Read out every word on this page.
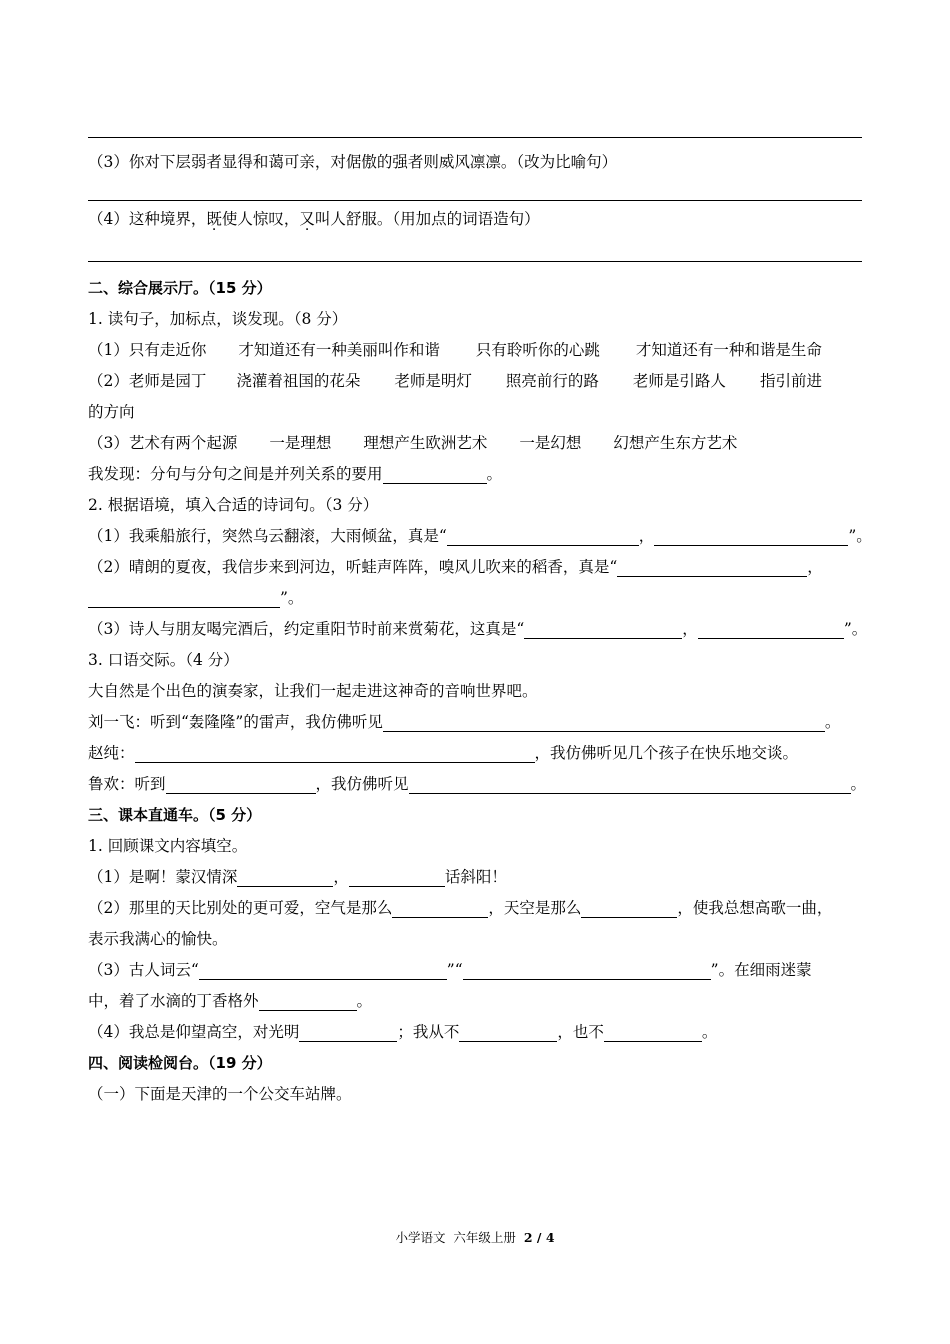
（3）你对下层弱者显得和蔼可亲，对倨傲的强者则威风凛凛。（改为比喻句）
（4）这种境界，既使人惊叹，又叫人舒服。（用加点的词语造句）
二、综合展示厅。（15 分）
1. 读句子，加标点，谈发现。（8 分）
（1）只有走近你 才知道还有一种美丽叫作和谐 只有聆听你的心跳 才知道还有一种和谐是生命
（2）老师是园丁 浇灌着祖国的花朵 老师是明灯 照亮前行的路 老师是引路人 指引前进
的方向
（3）艺术有两个起源 一是理想 理想产生欧洲艺术 一是幻想 幻想产生东方艺术
我发现：分句与分句之间是并列关系的要用	。
2. 根据语境，填入合适的诗词句。（3 分）
（1）我乘船旅行，突然乌云翻滚，大雨倾盆，真是“	，	”。
（2）晴朗的夏夜，我信步来到河边，听蛙声阵阵，嗅风儿吹来的稻香，真是“	，
”。
（3）诗人与朋友喝完酒后，约定重阳节时前来赏菊花，这真是“	，	”。
3. 口语交际。（4 分）
大自然是个出色的演奏家，让我们一起走进这神奇的音响世界吧。
刘一飞：听到“轰隆隆”的雷声，我仿佛听见	。
赵纯：	，我仿佛听见几个孩子在快乐地交谈。
鲁欢：听到	，我仿佛听见	。
三、课本直通车。（5 分）
1. 回顾课文内容填空。
（1）是啊！蒙汉情深	，	话斜阳！
（2）那里的天比别处的更可爱，空气是那么	，天空是那么	，使我总想高歌一曲，
表示我满心的愉快。
（3）古人词云“	”“	”。在细雨迷蒙
中，着了水滴的丁香格外	。
（4）我总是仰望高空，对光明	；我从不	，也不	。
四、阅读检阅台。（19 分）
（一）下面是天津的一个公交车站牌。
小学语文 六年级上册 2 / 4
